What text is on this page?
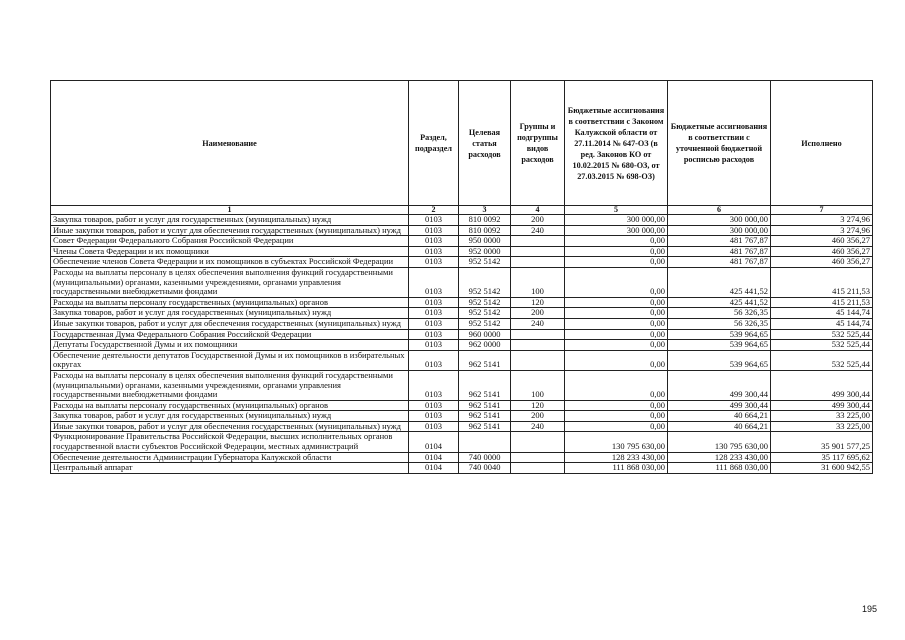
Наименование	Раздел, подраздел	Целевая статья расходов	Группы и подгруппы видов расходов	Бюджетные ассигнования в соответствии с Законом Калужской области от 27.11.2014 № 647-ОЗ (в ред. Законов КО от 10.02.2015 № 680-ОЗ, от 27.03.2015 № 698-ОЗ)	Бюджетные ассигнования в соответствии с уточненной бюджетной росписью расходов	Исполнено
1	2	3	4	5	6	7
Закупка товаров, работ и услуг для государственных (муниципальных) нужд	0103	810 0092	200	300 000,00	300 000,00	3 274,96
Иные закупки товаров, работ и услуг для обеспечения государственных (муниципальных) нужд	0103	810 0092	240	300 000,00	300 000,00	3 274,96
Совет Федерации Федерального Собрания Российской Федерации	0103	950 0000		0,00	481 767,87	460 356,27
Члены Совета Федерации и их помощники	0103	952 0000		0,00	481 767,87	460 356,27
Обеспечение членов Совета Федерации и их помощников в субъектах Российской Федерации	0103	952 5142		0,00	481 767,87	460 356,27
Расходы на выплаты персоналу в целях обеспечения выполнения функций государственными (муниципальными) органами, казенными учреждениями, органами управления государственными внебюджетными фондами	0103	952 5142	100	0,00	425 441,52	415 211,53
Расходы на выплаты персоналу государственных (муниципальных) органов	0103	952 5142	120	0,00	425 441,52	415 211,53
Закупка товаров, работ и услуг для государственных (муниципальных) нужд	0103	952 5142	200	0,00	56 326,35	45 144,74
Иные закупки товаров, работ и услуг для обеспечения государственных (муниципальных) нужд	0103	952 5142	240	0,00	56 326,35	45 144,74
Государственная Дума Федерального Собрания Российской Федерации	0103	960 0000		0,00	539 964,65	532 525,44
Депутаты Государственной Думы и их помощники	0103	962 0000		0,00	539 964,65	532 525,44
Обеспечение деятельности депутатов Государственной Думы и их помощников в избирательных округах	0103	962 5141		0,00	539 964,65	532 525,44
Расходы на выплаты персоналу в целях обеспечения выполнения функций государственными (муниципальными) органами, казенными учреждениями, органами управления государственными внебюджетными фондами	0103	962 5141	100	0,00	499 300,44	499 300,44
Расходы на выплаты персоналу государственных (муниципальных) органов	0103	962 5141	120	0,00	499 300,44	499 300,44
Закупка товаров, работ и услуг для государственных (муниципальных) нужд	0103	962 5141	200	0,00	40 664,21	33 225,00
Иные закупки товаров, работ и услуг для обеспечения государственных (муниципальных) нужд	0103	962 5141	240	0,00	40 664,21	33 225,00
Функционирование Правительства Российской Федерации, высших исполнительных органов государственной власти субъектов Российской Федерации, местных администраций	0104			130 795 630,00	130 795 630,00	35 901 577,25
Обеспечение деятельности Администрации Губернатора Калужской области	0104	740 0000		128 233 430,00	128 233 430,00	35 117 695,62
Центральный аппарат	0104	740 0040		111 868 030,00	111 868 030,00	31 600 942,55
195
